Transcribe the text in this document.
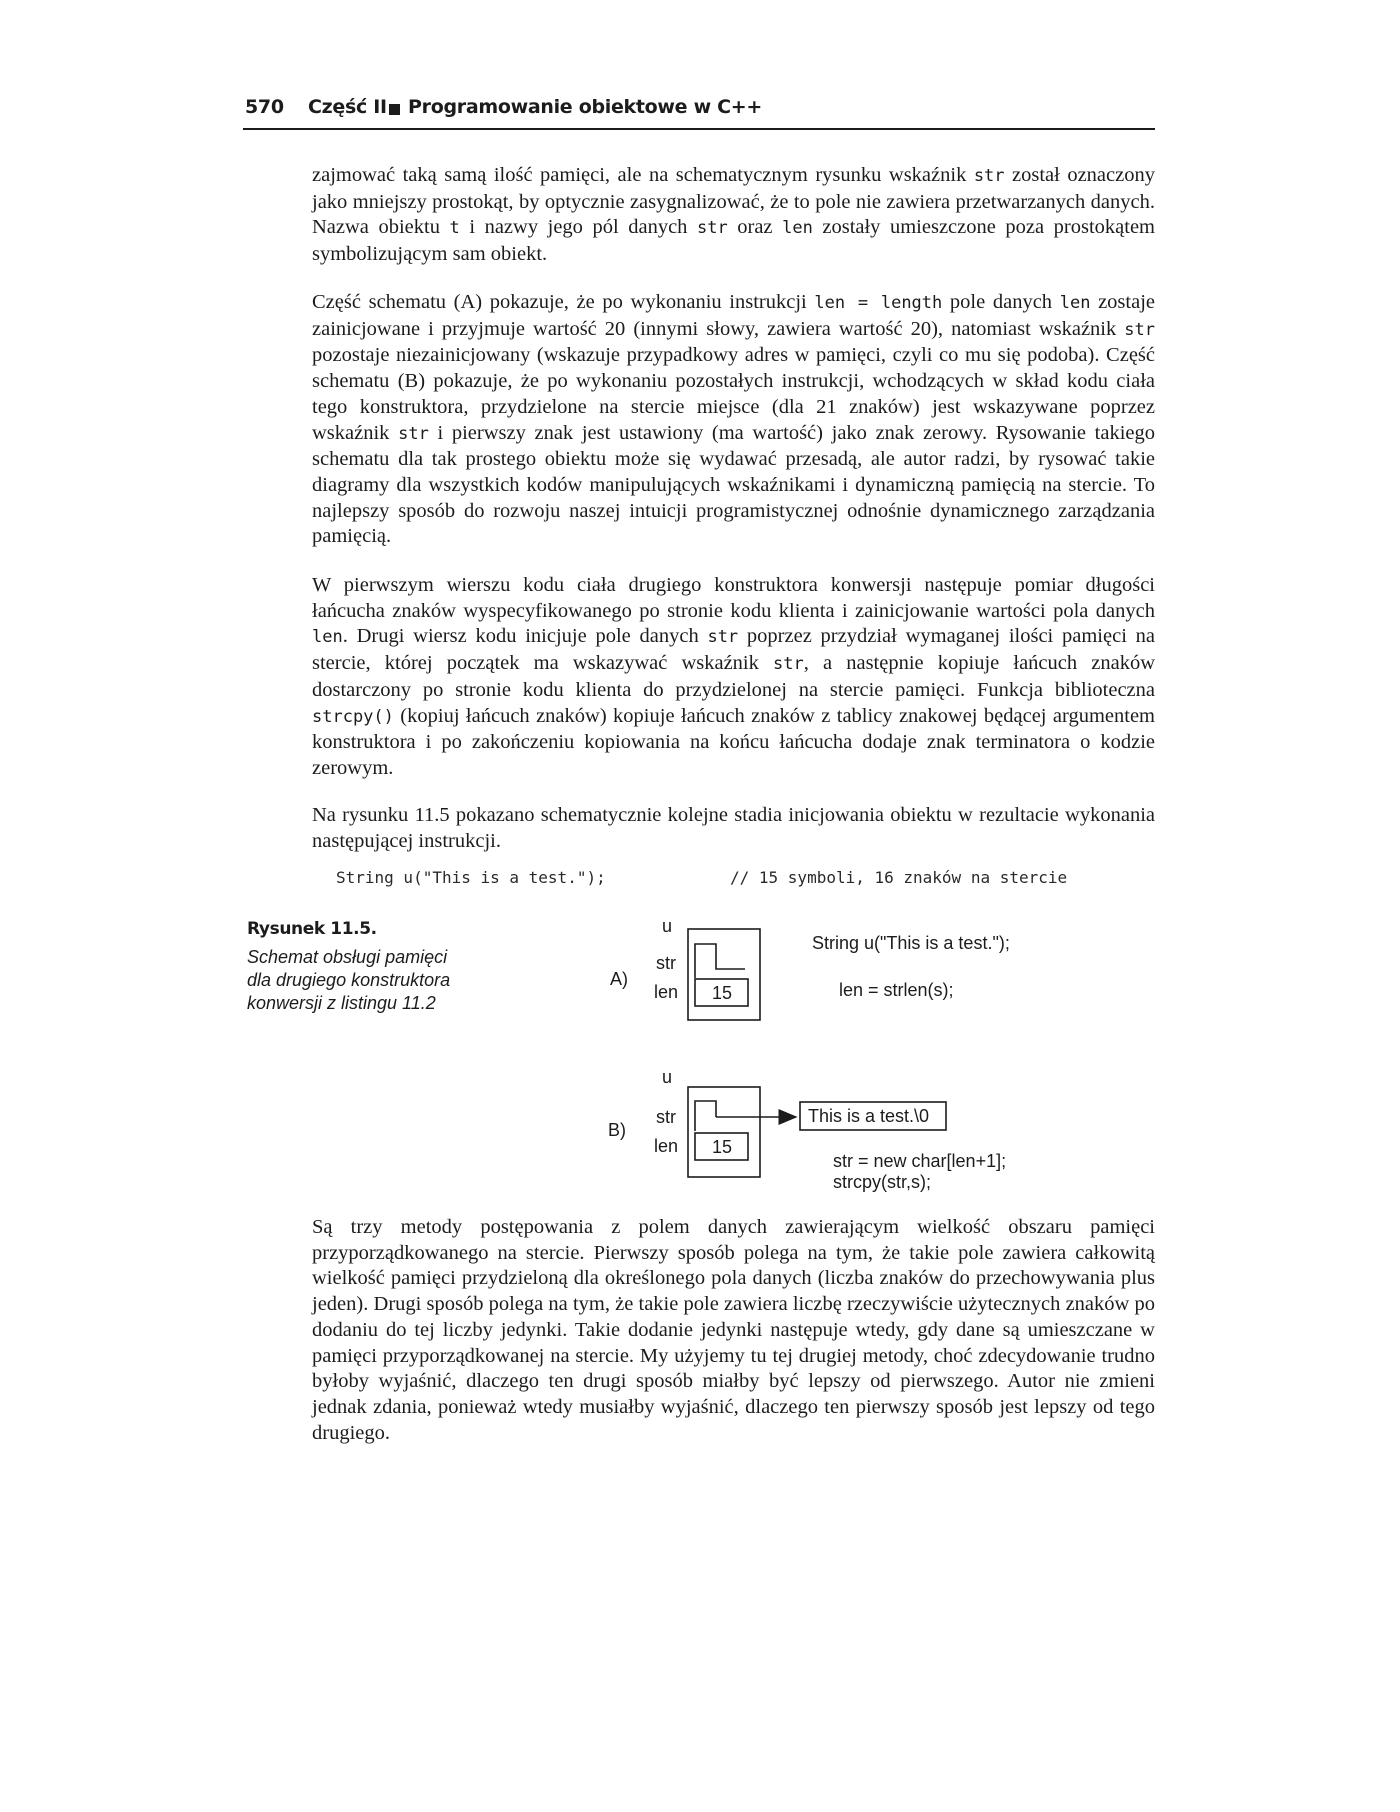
570 Część II Programowanie obiektowe w C++

zajmować taką samą ilość pamięci, ale na schematycznym rysunku wskaźnik str został oznaczony jako mniejszy prostokąt, by optycznie zasygnalizować, że to pole nie zawiera przetwarzanych danych. Nazwa obiektu t i nazwy jego pól danych str oraz len zostały umieszczone poza prostokątem symbolizującym sam obiekt.

Część schematu (A) pokazuje, że po wykonaniu instrukcji len = length pole danych len zostaje zainicjowane i przyjmuje wartość 20 (innymi słowy, zawiera wartość 20), natomiast wskaźnik str pozostaje niezainicjowany (wskazuje przypadkowy adres w pamięci, czyli co mu się podoba). Część schematu (B) pokazuje, że po wykonaniu pozostałych instrukcji, wchodzących w skład kodu ciała tego konstruktora, przydzielone na stercie miejsce (dla 21 znaków) jest wskazywane poprzez wskaźnik str i pierwszy znak jest ustawiony (ma wartość) jako znak zerowy. Rysowanie takiego schematu dla tak prostego obiektu może się wydawać przesadą, ale autor radzi, by rysować takie diagramy dla wszystkich kodów manipulujących wskaźnikami i dynamiczną pamięcią na stercie. To najlepszy sposób do rozwoju naszej intuicji programistycznej odnośnie dynamicznego zarządzania pamięcią.

W pierwszym wierszu kodu ciała drugiego konstruktora konwersji następuje pomiar długości łańcucha znaków wyspecyfikowanego po stronie kodu klienta i zainicjowanie wartości pola danych len. Drugi wiersz kodu inicjuje pole danych str poprzez przydział wymaganej ilości pamięci na stercie, której początek ma wskazywać wskaźnik str, a następnie kopiuje łańcuch znaków dostarczony po stronie kodu klienta do przydzielonej na stercie pamięci. Funkcja biblioteczna strcpy() (kopiuj łańcuch znaków) kopiuje łańcuch znaków z tablicy znakowej będącej argumentem konstruktora i po zakończeniu kopiowania na końcu łańcucha dodaje znak terminatora o kodzie zerowym.

Na rysunku 11.5 pokazano schematycznie kolejne stadia inicjowania obiektu w rezultacie wykonania następującej instrukcji.

String u("This is a test.");	// 15 symboli, 16 znaków na stercie
Rysunek 11.5.
Schemat obsługi pamięci
dla drugiego konstruktora
konwersji z listingu 11.2
A)
u
str
len 15
String u("This is a test.");
len = strlen(s);
B)
u
str
len 15
This is a test.\0
str = new char[len+1];
strcpy(str,s);

Są trzy metody postępowania z polem danych zawierającym wielkość obszaru pamięci przyporządkowanego na stercie. Pierwszy sposób polega na tym, że takie pole zawiera całkowitą wielkość pamięci przydzieloną dla określonego pola danych (liczba znaków do przechowywania plus jeden). Drugi sposób polega na tym, że takie pole zawiera liczbę rzeczywiście użytecznych znaków po dodaniu do tej liczby jedynki. Takie dodanie jedynki następuje wtedy, gdy dane są umieszczane w pamięci przyporządkowanej na stercie. My użyjemy tu tej drugiej metody, choć zdecydowanie trudno byłoby wyjaśnić, dlaczego ten drugi sposób miałby być lepszy od pierwszego. Autor nie zmieni jednak zdania, ponieważ wtedy musiałby wyjaśnić, dlaczego ten pierwszy sposób jest lepszy od tego drugiego.
